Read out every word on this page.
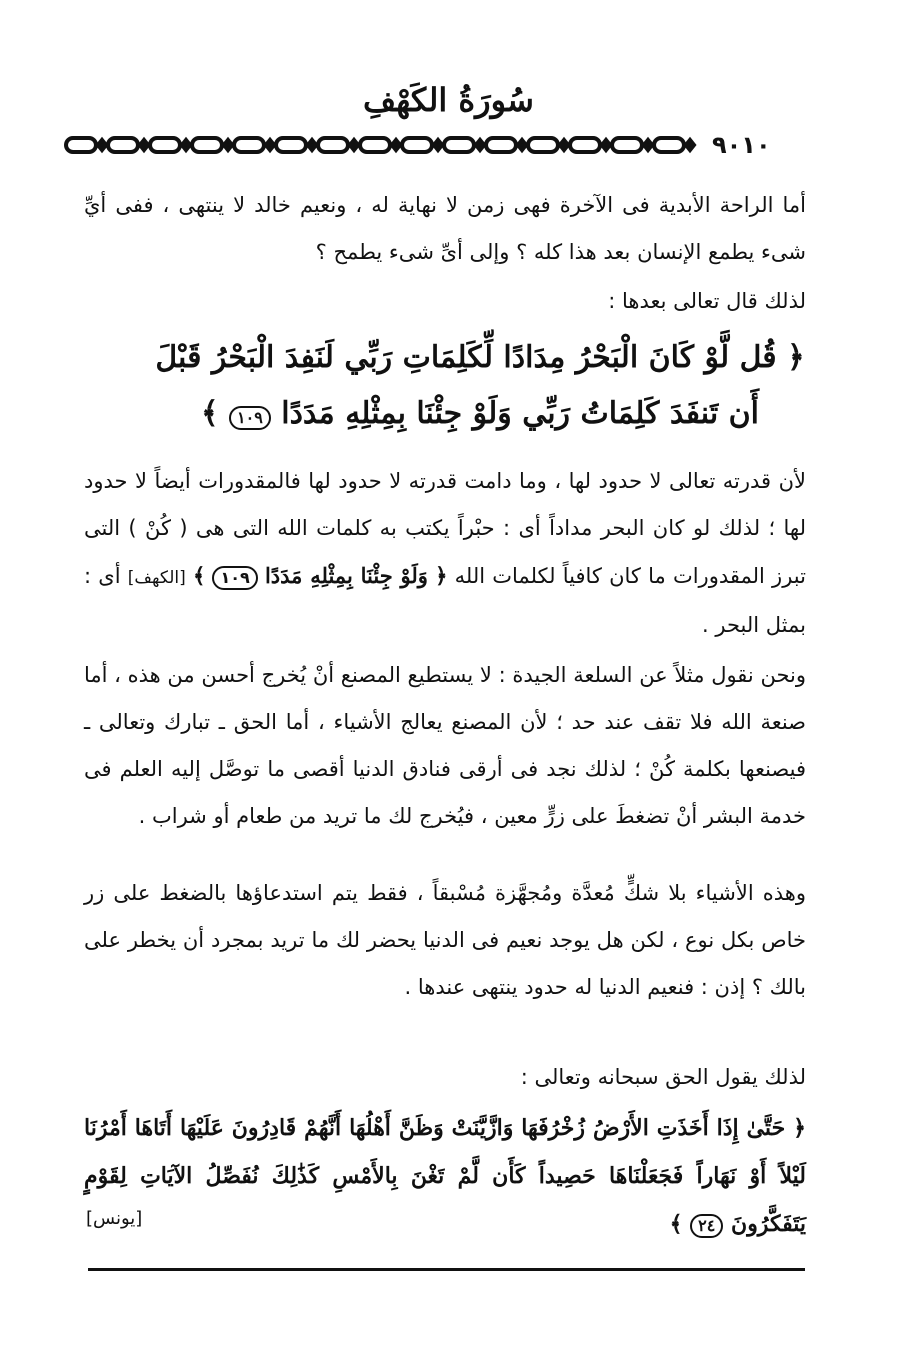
سُورَةُ الكَهْفِ
٩٠١٠

أما الراحة الأبدية فى الآخرة فهى زمن لا نهاية له ، ونعيم خالد لا ينتهى ، ففى أيِّ شىء يطمع الإنسان بعد هذا كله ؟ وإلى أىِّ شىء يطمح ؟

لذلك قال تعالى بعدها :

﴿ قُل لَّوْ كَانَ الْبَحْرُ مِدَادًا لِّكَلِمَاتِ رَبِّي لَنَفِدَ الْبَحْرُ قَبْلَ أَن تَنفَدَ كَلِمَاتُ رَبِّي وَلَوْ جِئْنَا بِمِثْلِهِ مَدَدًا ١٠٩ ﴾

لأن قدرته تعالى لا حدود لها ، وما دامت قدرته لا حدود لها فالمقدورات أيضاً لا حدود لها ؛ لذلك لو كان البحر مداداً أى : حبْراً يكتب به كلمات الله التى هى ( كُنْ ) التى تبرز المقدورات ما كان كافياً لكلمات الله ﴿ وَلَوْ جِئْنَا بِمِثْلِهِ مَدَدًا ١٠٩ ﴾ [الكهف] أى : بمثل البحر .

ونحن نقول مثلاً عن السلعة الجيدة : لا يستطيع المصنع أنْ يُخرج أحسن من هذه ، أما صنعة الله فلا تقف عند حد ؛ لأن المصنع يعالج الأشياء ، أما الحق ـ تبارك وتعالى ـ فيصنعها بكلمة كُنْ ؛ لذلك نجد فى أرقى فنادق الدنيا أقصى ما توصَّل إليه العلم فى خدمة البشر أنْ تضغطَ على زرٍّ معين ، فيُخرج لك ما تريد من طعام أو شراب .

وهذه الأشياء بلا شكٍّ مُعدَّة ومُجهَّزة مُسْبقاً ، فقط يتم استدعاؤها بالضغط على زر خاص بكل نوع ، لكن هل يوجد نعيم فى الدنيا يحضر لك ما تريد بمجرد أن يخطر على بالك ؟ إذن : فنعيم الدنيا له حدود ينتهى عندها .

لذلك يقول الحق سبحانه وتعالى :

﴿ حَتَّىٰ إِذَا أَخَذَتِ الأَرْضُ زُخْرُفَهَا وَازَّيَّنَتْ وَظَنَّ أَهْلُهَا أَنَّهُمْ قَادِرُونَ عَلَيْهَا أَتَاهَا أَمْرُنَا لَيْلاً أَوْ نَهَاراً فَجَعَلْنَاهَا حَصِيداً كَأَن لَّمْ تَغْنَ بِالأَمْسِ كَذَٰلِكَ نُفَصِّلُ الآيَاتِ لِقَوْمٍ يَتَفَكَّرُونَ ٢٤ ﴾

[يونس]
